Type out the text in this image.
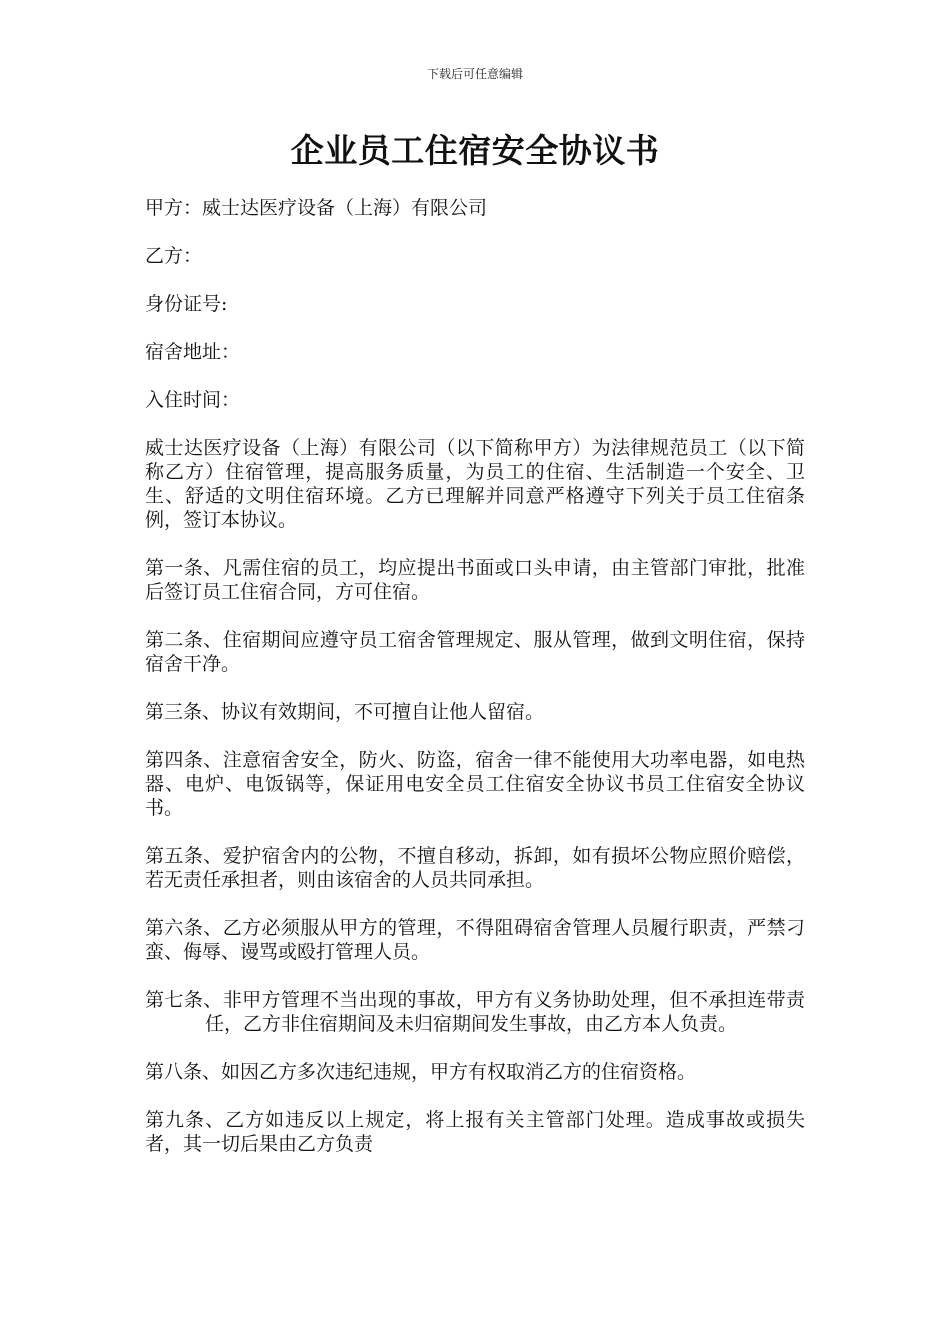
下载后可任意编辑
企业员工住宿安全协议书
甲方：威士达医疗设备（上海）有限公司
乙方：
身份证号:
宿舍地址：
入住时间：

威士达医疗设备（上海）有限公司（以下简称甲方）为法律规范员工（以下简称乙方）住宿管理，提高服务质量，为员工的住宿、生活制造一个安全、卫生、舒适的文明住宿环境。乙方已理解并同意严格遵守下列关于员工住宿条例，签订本协议。

第一条、凡需住宿的员工，均应提出书面或口头申请，由主管部门审批，批准后签订员工住宿合同，方可住宿。

第二条、住宿期间应遵守员工宿舍管理规定、服从管理，做到文明住宿，保持宿舍干净。

第三条、协议有效期间，不可擅自让他人留宿。

第四条、注意宿舍安全，防火、防盗，宿舍一律不能使用大功率电器，如电热器、电炉、电饭锅等，保证用电安全员工住宿安全协议书员工住宿安全协议书。

第五条、爱护宿舍内的公物，不擅自移动，拆卸，如有损坏公物应照价赔偿，若无责任承担者，则由该宿舍的人员共同承担。

第六条、乙方必须服从甲方的管理，不得阻碍宿舍管理人员履行职责，严禁刁蛮、侮辱、谩骂或殴打管理人员。

第七条、非甲方管理不当出现的事故，甲方有义务协助处理，但不承担连带责任，乙方非住宿期间及未归宿期间发生事故，由乙方本人负责。

第八条、如因乙方多次违纪违规，甲方有权取消乙方的住宿资格。

第九条、乙方如违反以上规定，将上报有关主管部门处理。造成事故或损失者，其一切后果由乙方负责
